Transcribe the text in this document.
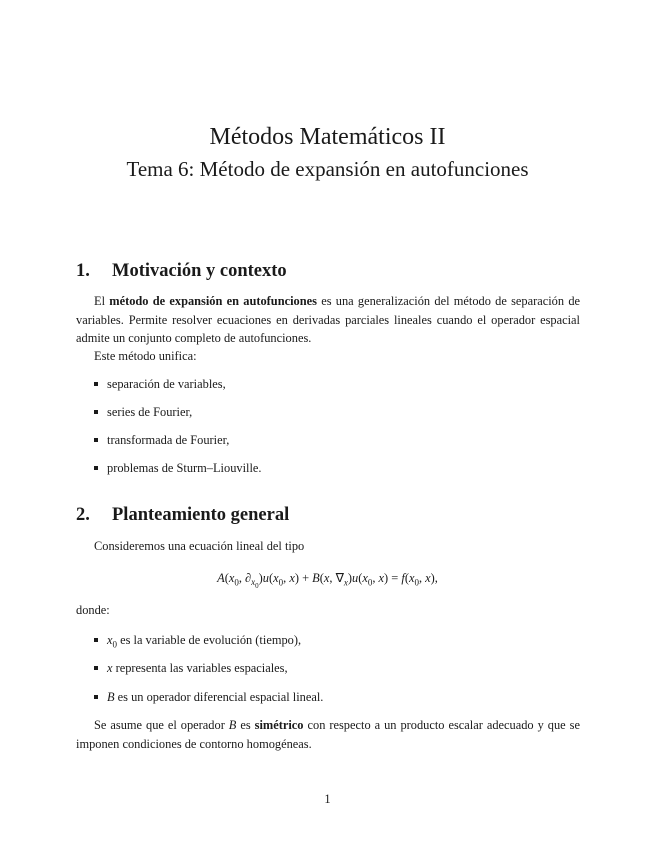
Métodos Matemáticos II
Tema 6: Método de expansión en autofunciones
1. Motivación y contexto
El método de expansión en autofunciones es una generalización del método de separación de variables. Permite resolver ecuaciones en derivadas parciales lineales cuando el operador espacial admite un conjunto completo de autofunciones.
Este método unifica:
separación de variables,
series de Fourier,
transformada de Fourier,
problemas de Sturm–Liouville.
2. Planteamiento general
Consideremos una ecuación lineal del tipo
$A(x_0$, $\partial_{x_0})u(x_0$, x) + B(x, $\nabla_x)u(x_0$, $x) = f(x_0$, x),
donde:
$x_0$ es la variable de evolución (tiempo),
x representa las variables espaciales,
B es un operador diferencial espacial lineal.
Se asume que el operador B es simétrico con respecto a un producto escalar adecuado y que se imponen condiciones de contorno homogéneas.
1
